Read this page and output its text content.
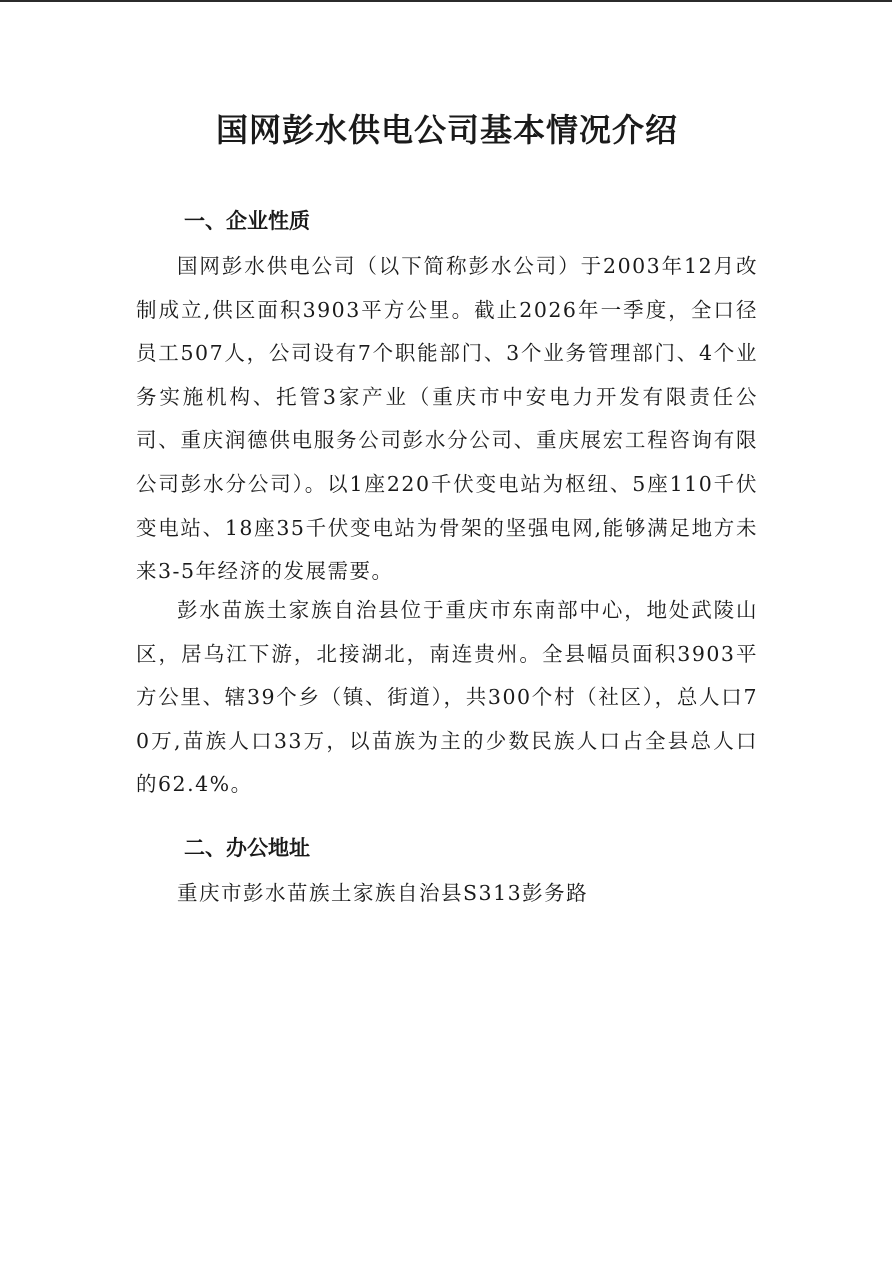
国网彭水供电公司基本情况介绍
一、企业性质

国网彭水供电公司（以下简称彭水公司）于2003年12月改制成立,供区面积3903平方公里。截止2026年一季度，全口径员工507人，公司设有7个职能部门、3个业务管理部门、4个业务实施机构、托管3家产业（重庆市中安电力开发有限责任公司、重庆润德供电服务公司彭水分公司、重庆展宏工程咨询有限公司彭水分公司）。以1座220千伏变电站为枢纽、5座110千伏变电站、18座35千伏变电站为骨架的坚强电网,能够满足地方未来3-5年经济的发展需要。

彭水苗族土家族自治县位于重庆市东南部中心，地处武陵山区，居乌江下游，北接湖北，南连贵州。全县幅员面积3903平方公里、辖39个乡（镇、街道），共300个村（社区），总人口70万,苗族人口33万，以苗族为主的少数民族人口占全县总人口的62.4%。

二、办公地址

重庆市彭水苗族土家族自治县S313彭务路
